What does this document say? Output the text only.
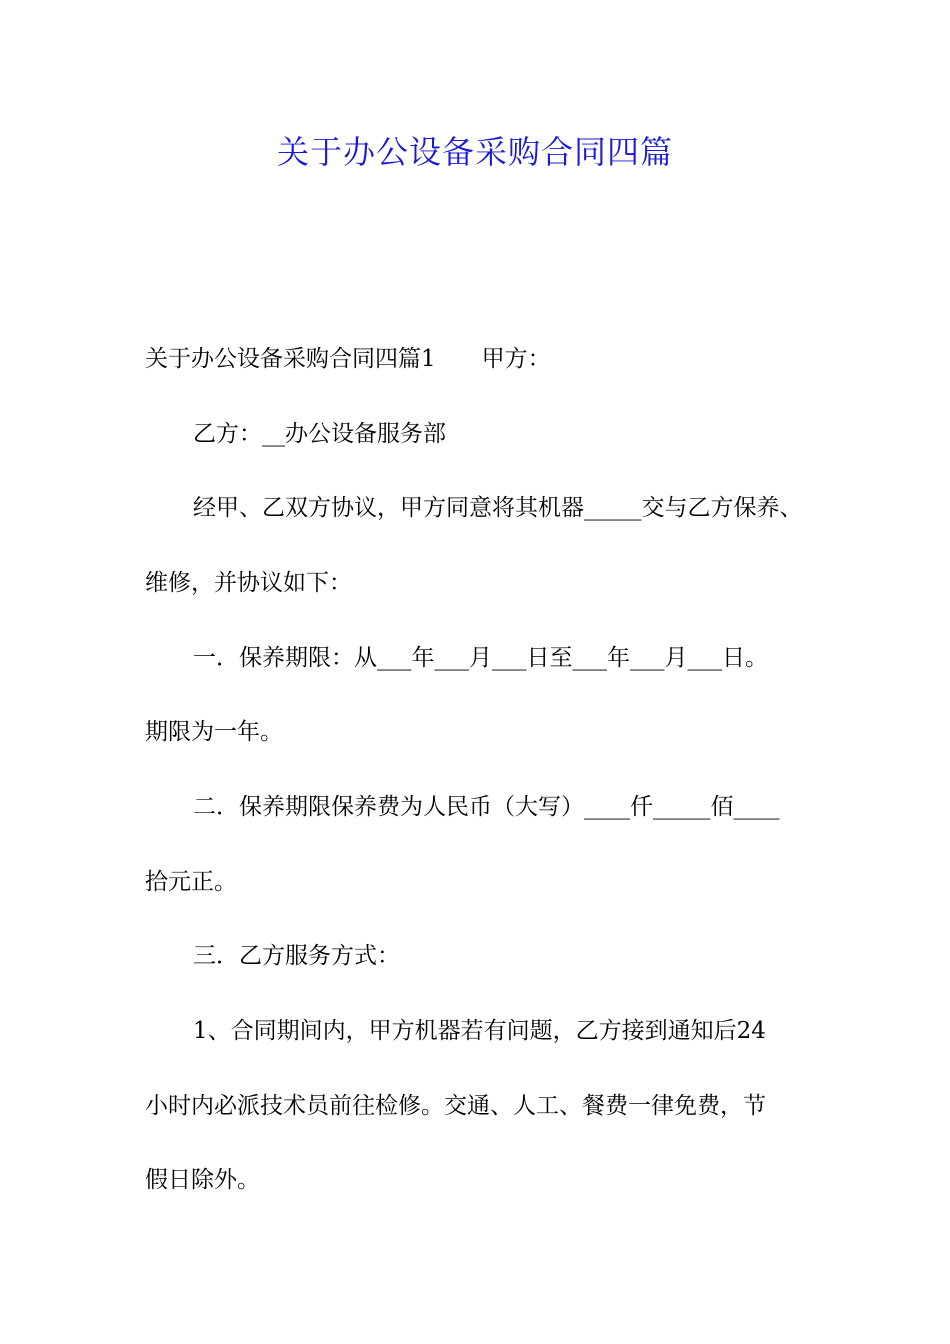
关于办公设备采购合同四篇
关于办公设备采购合同四篇1　　甲方：
乙方：__办公设备服务部
经甲、乙双方协议，甲方同意将其机器_____交与乙方保养、
维修，并协议如下：
一．保养期限：从___年___月___日至___年___月___日。
期限为一年。
二．保养期限保养费为人民币（大写）____仟_____佰____
拾元正。
三．乙方服务方式：
1、合同期间内，甲方机器若有问题，乙方接到通知后24
小时内必派技术员前往检修。交通、人工、餐费一律免费，节
假日除外。
